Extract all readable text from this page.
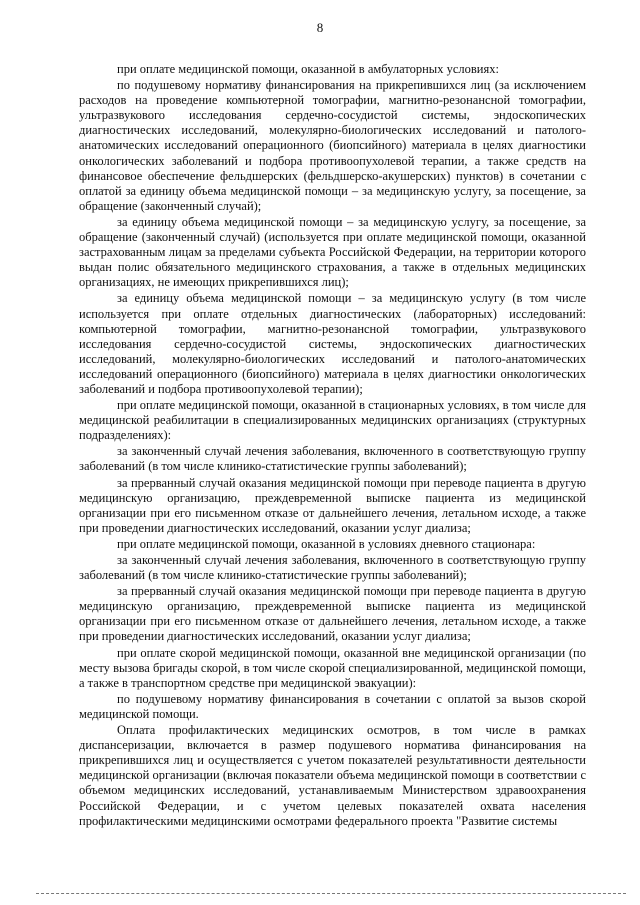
8

при оплате медицинской помощи, оказанной в амбулаторных условиях:

по подушевому нормативу финансирования на прикрепившихся лиц (за исключением расходов на проведение компьютерной томографии, магнитно-резонансной томографии, ультразвукового исследования сердечно-сосудистой системы, эндоскопических диагностических исследований, молекулярно-биологических исследований и патолого-анатомических исследований операционного (биопсийного) материала в целях диагностики онкологических заболеваний и подбора противоопухолевой терапии, а также средств на финансовое обеспечение фельдшерских (фельдшерско-акушерских) пунктов) в сочетании с оплатой за единицу объема медицинской помощи – за медицинскую услугу, за посещение, за обращение (законченный случай);

за единицу объема медицинской помощи – за медицинскую услугу, за посещение, за обращение (законченный случай) (используется при оплате медицинской помощи, оказанной застрахованным лицам за пределами субъекта Российской Федерации, на территории которого выдан полис обязательного медицинского страхования, а также в отдельных медицинских организациях, не имеющих прикрепившихся лиц);

за единицу объема медицинской помощи – за медицинскую услугу (в том числе используется при оплате отдельных диагностических (лабораторных) исследований: компьютерной томографии, магнитно-резонансной томографии, ультразвукового исследования сердечно-сосудистой системы, эндоскопических диагностических исследований, молекулярно-биологических исследований и патолого-анатомических исследований операционного (биопсийного) материала в целях диагностики онкологических заболеваний и подбора противоопухолевой терапии);

при оплате медицинской помощи, оказанной в стационарных условиях, в том числе для медицинской реабилитации в специализированных медицинских организациях (структурных подразделениях):

за законченный случай лечения заболевания, включенного в соответствующую группу заболеваний (в том числе клинико-статистические группы заболеваний);

за прерванный случай оказания медицинской помощи при переводе пациента в другую медицинскую организацию, преждевременной выписке пациента из медицинской организации при его письменном отказе от дальнейшего лечения, летальном исходе, а также при проведении диагностических исследований, оказании услуг диализа;

при оплате медицинской помощи, оказанной в условиях дневного стационара:

за законченный случай лечения заболевания, включенного в соответствующую группу заболеваний (в том числе клинико-статистические группы заболеваний);

за прерванный случай оказания медицинской помощи при переводе пациента в другую медицинскую организацию, преждевременной выписке пациента из медицинской организации при его письменном отказе от дальнейшего лечения, летальном исходе, а также при проведении диагностических исследований, оказании услуг диализа;

при оплате скорой медицинской помощи, оказанной вне медицинской организации (по месту вызова бригады скорой, в том числе скорой специализированной, медицинской помощи, а также в транспортном средстве при медицинской эвакуации):

по подушевому нормативу финансирования в сочетании с оплатой за вызов скорой медицинской помощи.

Оплата профилактических медицинских осмотров, в том числе в рамках диспансеризации, включается в размер подушевого норматива финансирования на прикрепившихся лиц и осуществляется с учетом показателей результативности деятельности медицинской организации (включая показатели объема медицинской помощи в соответствии с объемом медицинских исследований, устанавливаемым Министерством здравоохранения Российской Федерации, и с учетом целевых показателей охвата населения профилактическими медицинскими осмотрами федерального проекта "Развитие системы
